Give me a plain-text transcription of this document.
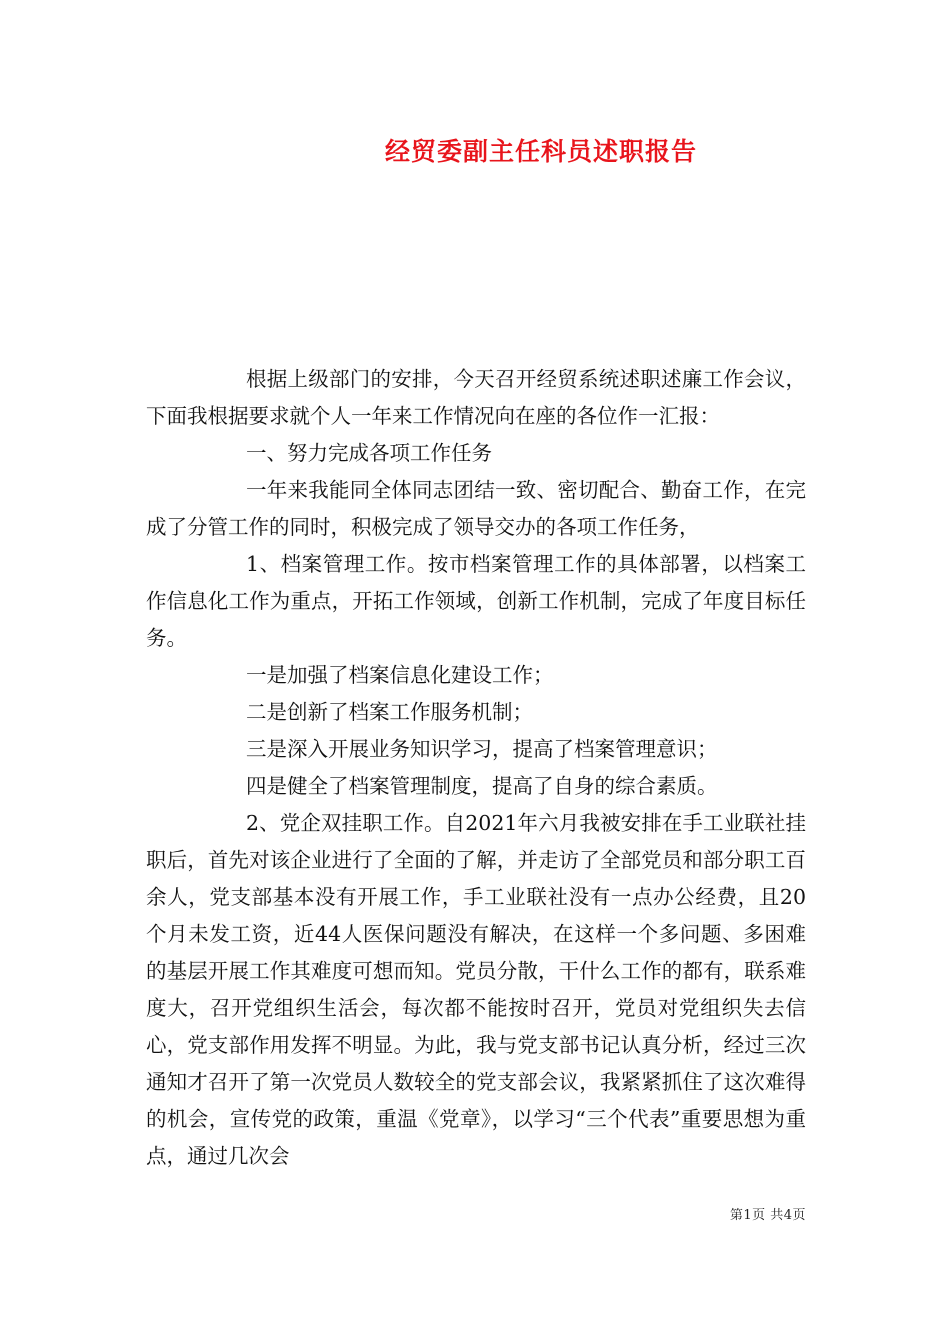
经贸委副主任科员述职报告

根据上级部门的安排，今天召开经贸系统述职述廉工作会议，下面我根据要求就个人一年来工作情况向在座的各位作一汇报：

一、努力完成各项工作任务

一年来我能同全体同志团结一致、密切配合、勤奋工作，在完成了分管工作的同时，积极完成了领导交办的各项工作任务，

1、档案管理工作。按市档案管理工作的具体部署，以档案工作信息化工作为重点，开拓工作领域，创新工作机制，完成了年度目标任务。

一是加强了档案信息化建设工作；

二是创新了档案工作服务机制；

三是深入开展业务知识学习，提高了档案管理意识；

四是健全了档案管理制度，提高了自身的综合素质。

2、党企双挂职工作。自2021年六月我被安排在手工业联社挂职后，首先对该企业进行了全面的了解，并走访了全部党员和部分职工百余人，党支部基本没有开展工作，手工业联社没有一点办公经费，且20个月未发工资，近44人医保问题没有解决，在这样一个多问题、多困难的基层开展工作其难度可想而知。党员分散，干什么工作的都有，联系难度大，召开党组织生活会，每次都不能按时召开，党员对党组织失去信心，党支部作用发挥不明显。为此，我与党支部书记认真分析，经过三次通知才召开了第一次党员人数较全的党支部会议，我紧紧抓住了这次难得的机会，宣传党的政策，重温《党章》，以学习“三个代表”重要思想为重点，通过几次会

第1页 共4页
